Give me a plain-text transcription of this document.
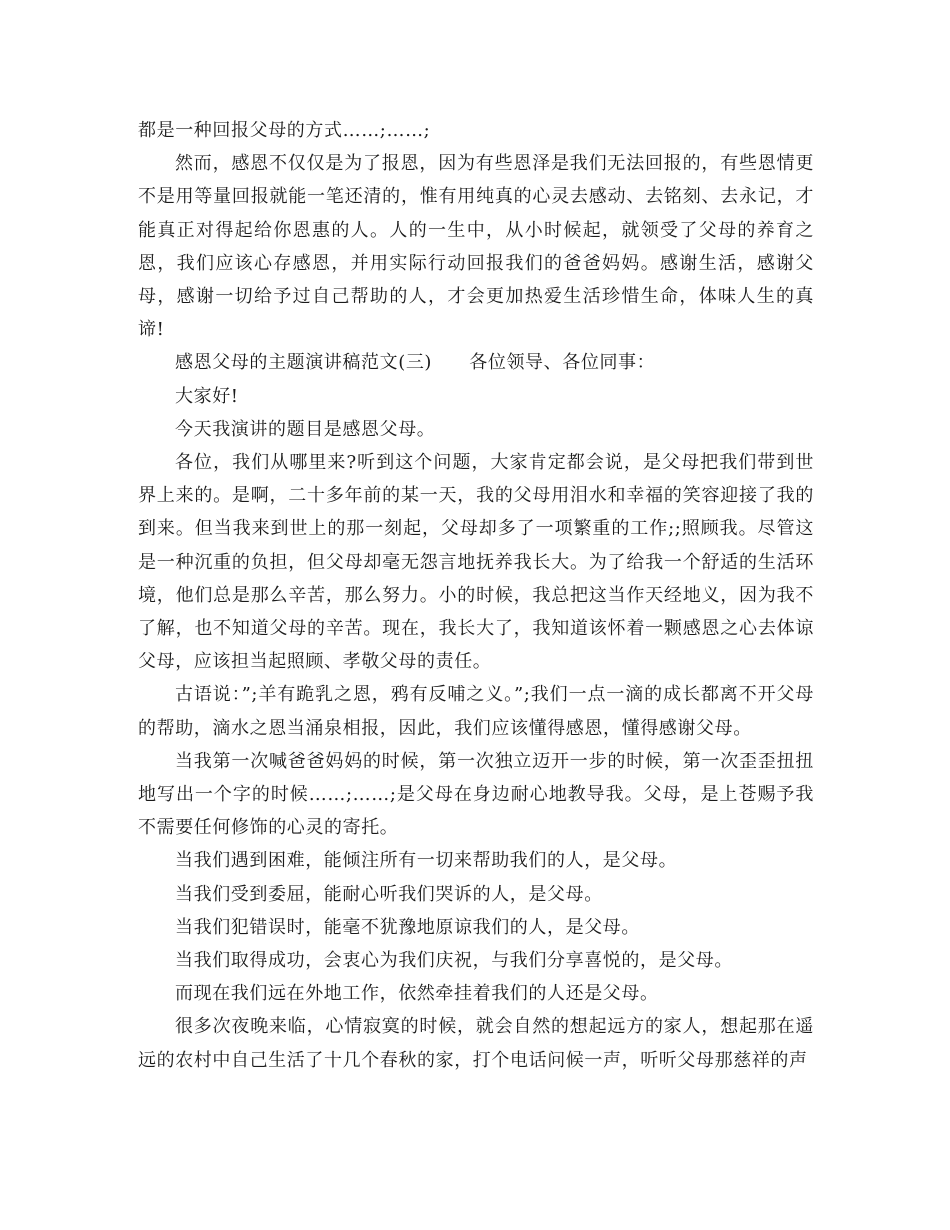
都是一种回报父母的方式……;……;

然而，感恩不仅仅是为了报恩，因为有些恩泽是我们无法回报的，有些恩情更不是用等量回报就能一笔还清的，惟有用纯真的心灵去感动、去铭刻、去永记，才能真正对得起给你恩惠的人。人的一生中，从小时候起，就领受了父母的养育之恩，我们应该心存感恩，并用实际行动回报我们的爸爸妈妈。感谢生活，感谢父母，感谢一切给予过自己帮助的人，才会更加热爱生活珍惜生命，体味人生的真谛!

感恩父母的主题演讲稿范文(三)　　各位领导、各位同事：

大家好!

今天我演讲的题目是感恩父母。

各位，我们从哪里来?听到这个问题，大家肯定都会说，是父母把我们带到世界上来的。是啊，二十多年前的某一天，我的父母用泪水和幸福的笑容迎接了我的到来。但当我来到世上的那一刻起，父母却多了一项繁重的工作;;照顾我。尽管这是一种沉重的负担，但父母却毫无怨言地抚养我长大。为了给我一个舒适的生活环境，他们总是那么辛苦，那么努力。小的时候，我总把这当作天经地义，因为我不了解，也不知道父母的辛苦。现在，我长大了，我知道该怀着一颗感恩之心去体谅父母，应该担当起照顾、孝敬父母的责任。

古语说：”;羊有跪乳之恩，鸦有反哺之义。”;我们一点一滴的成长都离不开父母的帮助，滴水之恩当涌泉相报，因此，我们应该懂得感恩，懂得感谢父母。

当我第一次喊爸爸妈妈的时候，第一次独立迈开一步的时候，第一次歪歪扭扭地写出一个字的时候……;……;是父母在身边耐心地教导我。父母，是上苍赐予我不需要任何修饰的心灵的寄托。

当我们遇到困难，能倾注所有一切来帮助我们的人，是父母。

当我们受到委屈，能耐心听我们哭诉的人，是父母。

当我们犯错误时，能毫不犹豫地原谅我们的人，是父母。

当我们取得成功，会衷心为我们庆祝，与我们分享喜悦的，是父母。

而现在我们远在外地工作，依然牵挂着我们的人还是父母。

很多次夜晚来临，心情寂寞的时候，就会自然的想起远方的家人，想起那在遥远的农村中自己生活了十几个春秋的家，打个电话问候一声，听听父母那慈祥的声
